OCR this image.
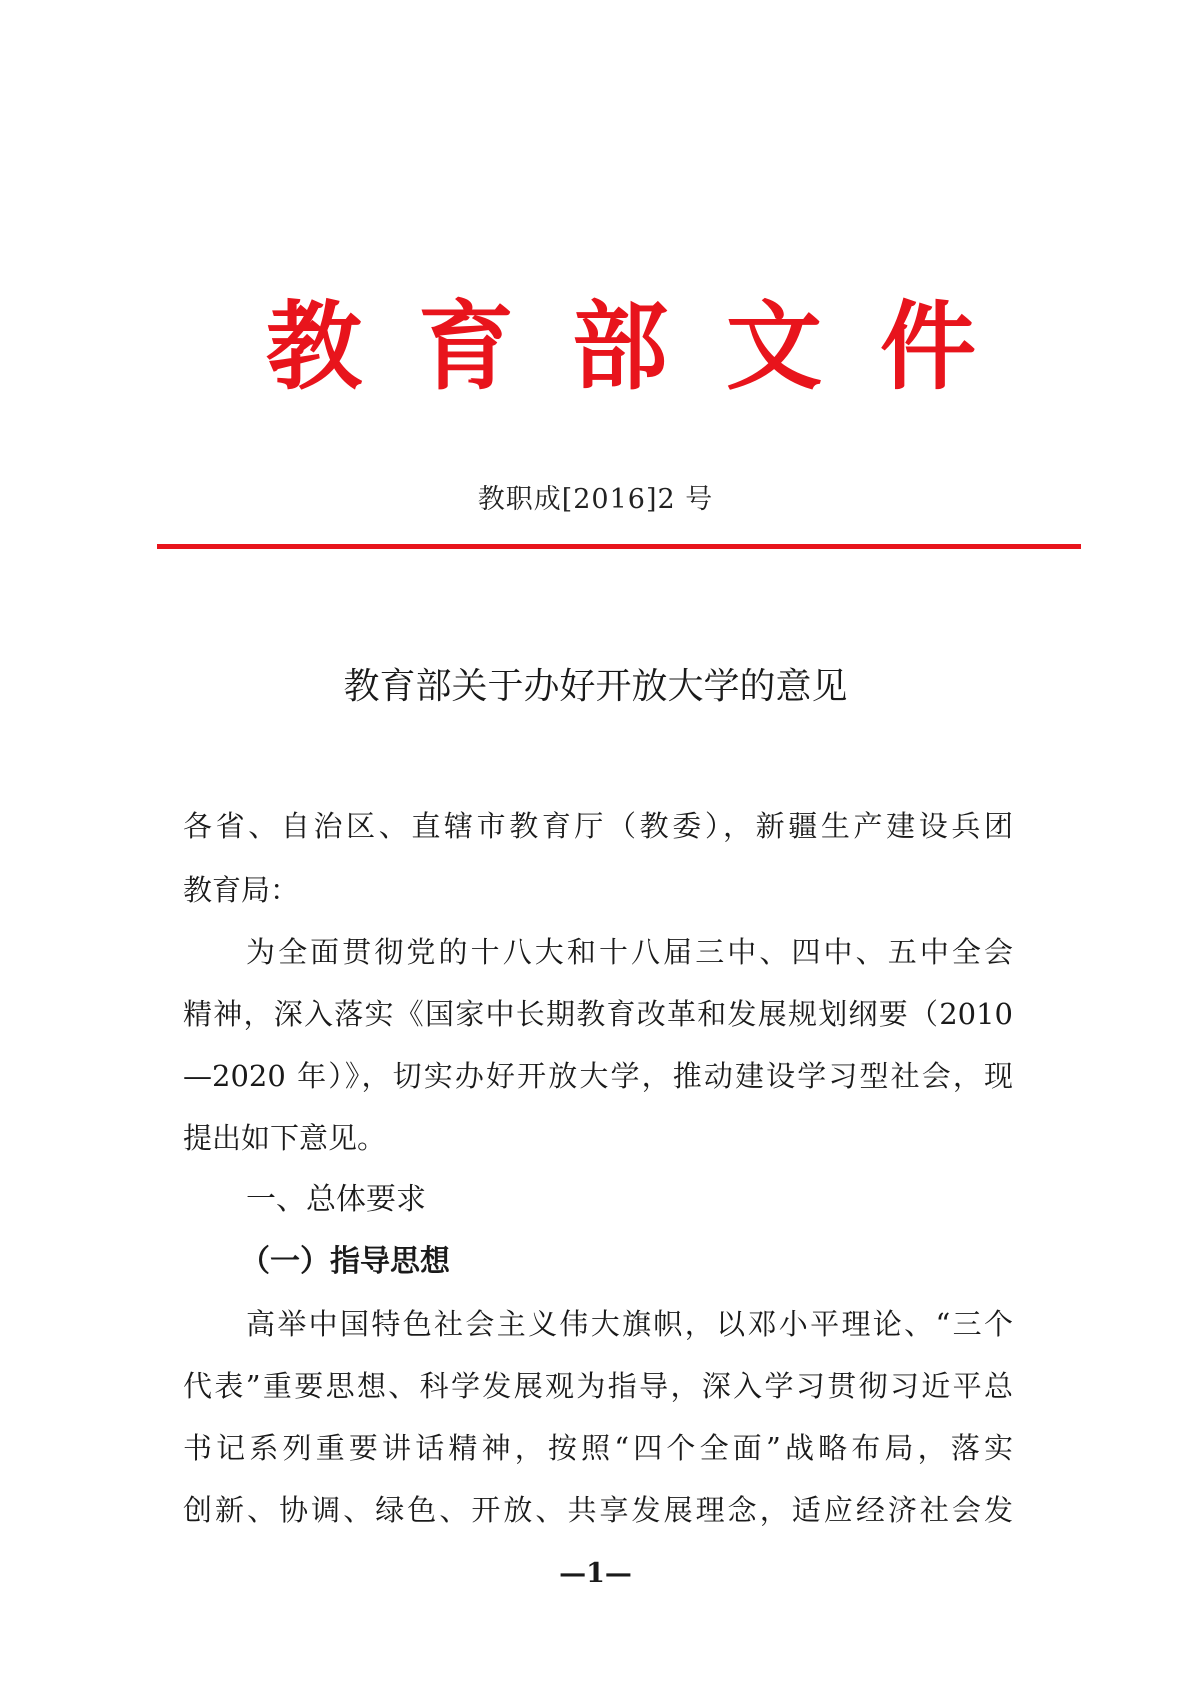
教 育 部 文 件
教职成[2016]2 号
教育部关于办好开放大学的意见
各省、自治区、直辖市教育厅（教委），新疆生产建设兵团
教育局：
为全面贯彻党的十八大和十八届三中、四中、五中全会
精神，深入落实《国家中长期教育改革和发展规划纲要（2010
—2020 年）》，切实办好开放大学，推动建设学习型社会，现
提出如下意见。
一、总体要求
（一）指导思想
高举中国特色社会主义伟大旗帜，以邓小平理论、“三个
代表”重要思想、科学发展观为指导，深入学习贯彻习近平总
书记系列重要讲话精神，按照“四个全面”战略布局，落实
创新、协调、绿色、开放、共享发展理念，适应经济社会发
—1—
